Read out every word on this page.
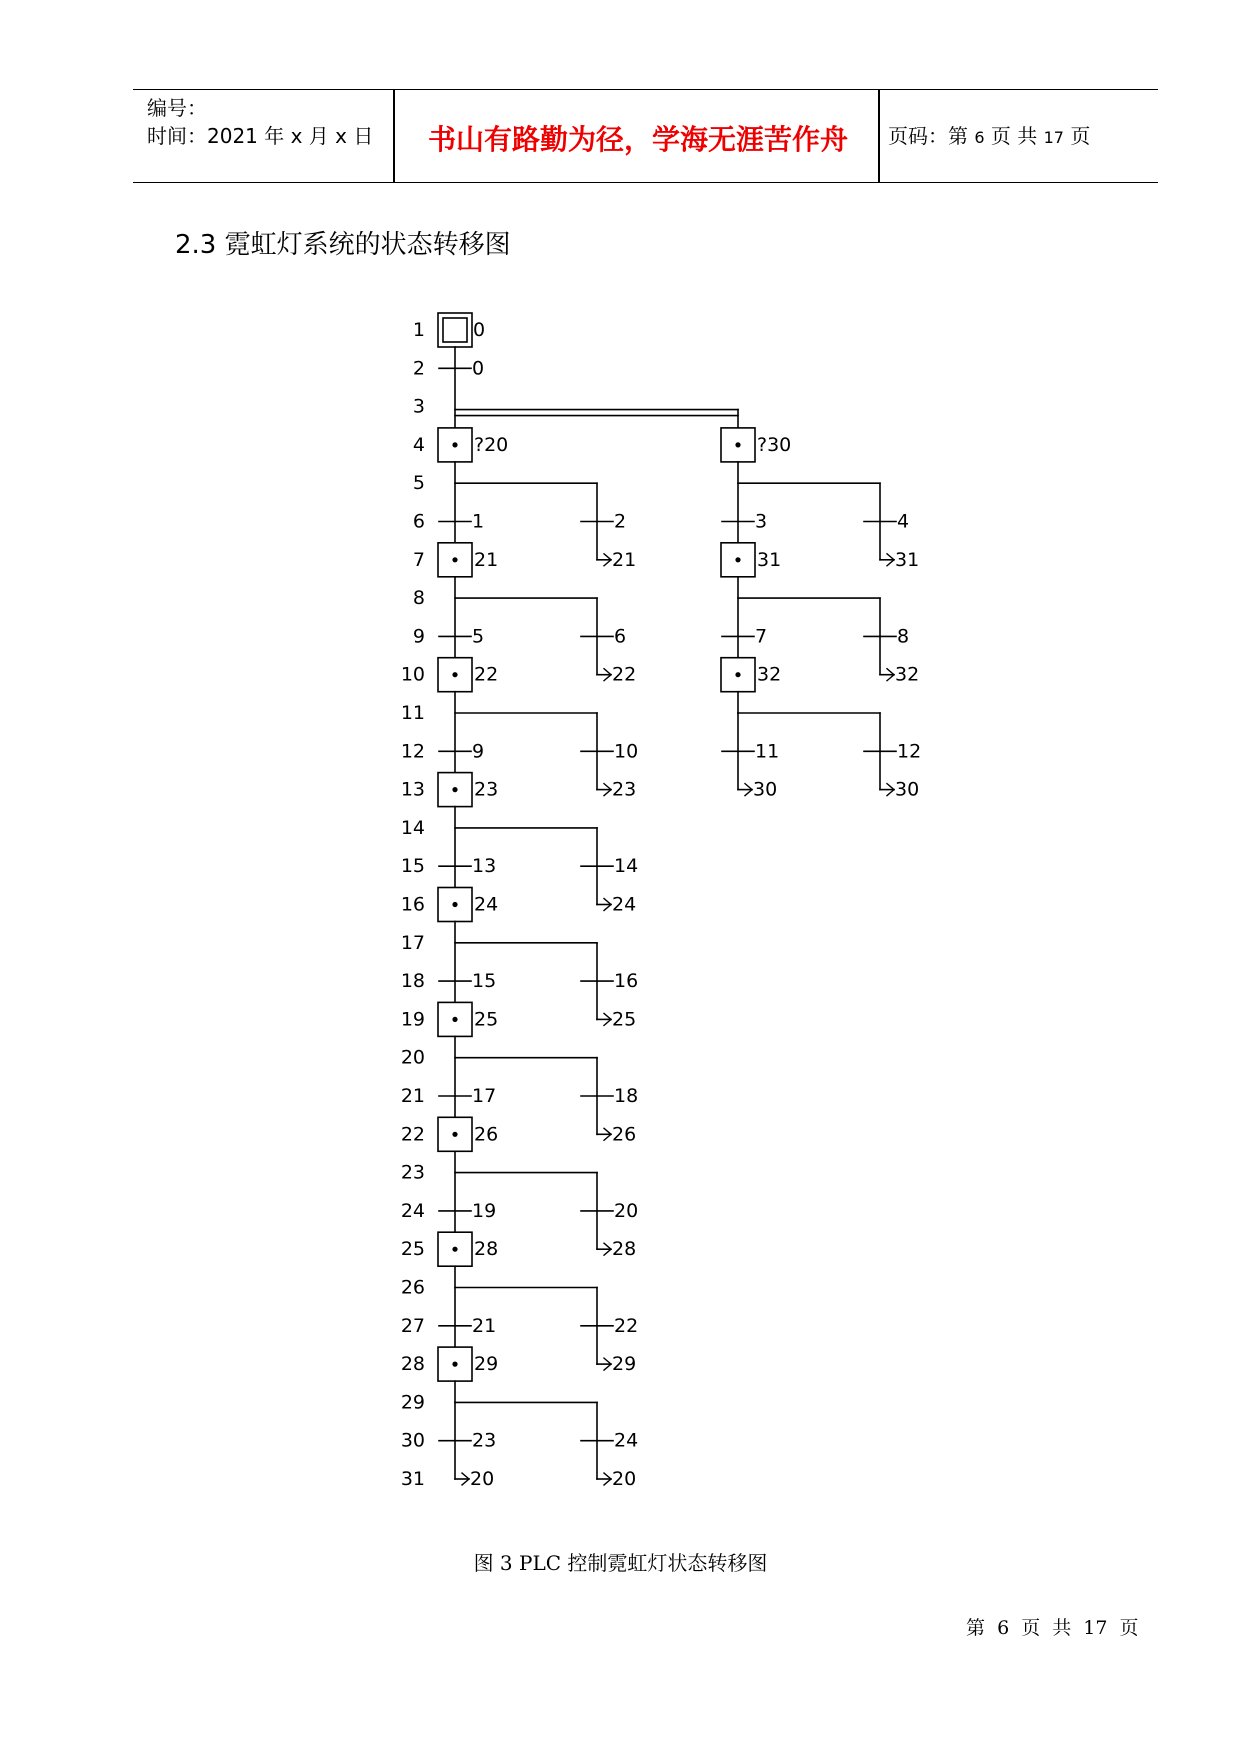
编号：
时间：2021 年 x 月 x 日	书山有路勤为径，学海无涯苦作舟	页码：第 6 页 共 17 页
2.3 霓虹灯系统的状态转移图
1
2
3
4
5
6
7
8
9
10
11
12
13
14
15
16
17
18
19
20
21
22
23
24
25
26
27
28
29
30
31
0
0
?20	?30
1	2
21
21
5	6
22
22
9	10
23
23
13	14
24
24
15	16
25
25
17	18
26
26
19	20
28
28
21	22
29
29
23	24
20	20
3	4
31
31
7	8
32
32
11	12
30	30
图 3 PLC 控制霓虹灯状态转移图
第 6 页 共 17 页
